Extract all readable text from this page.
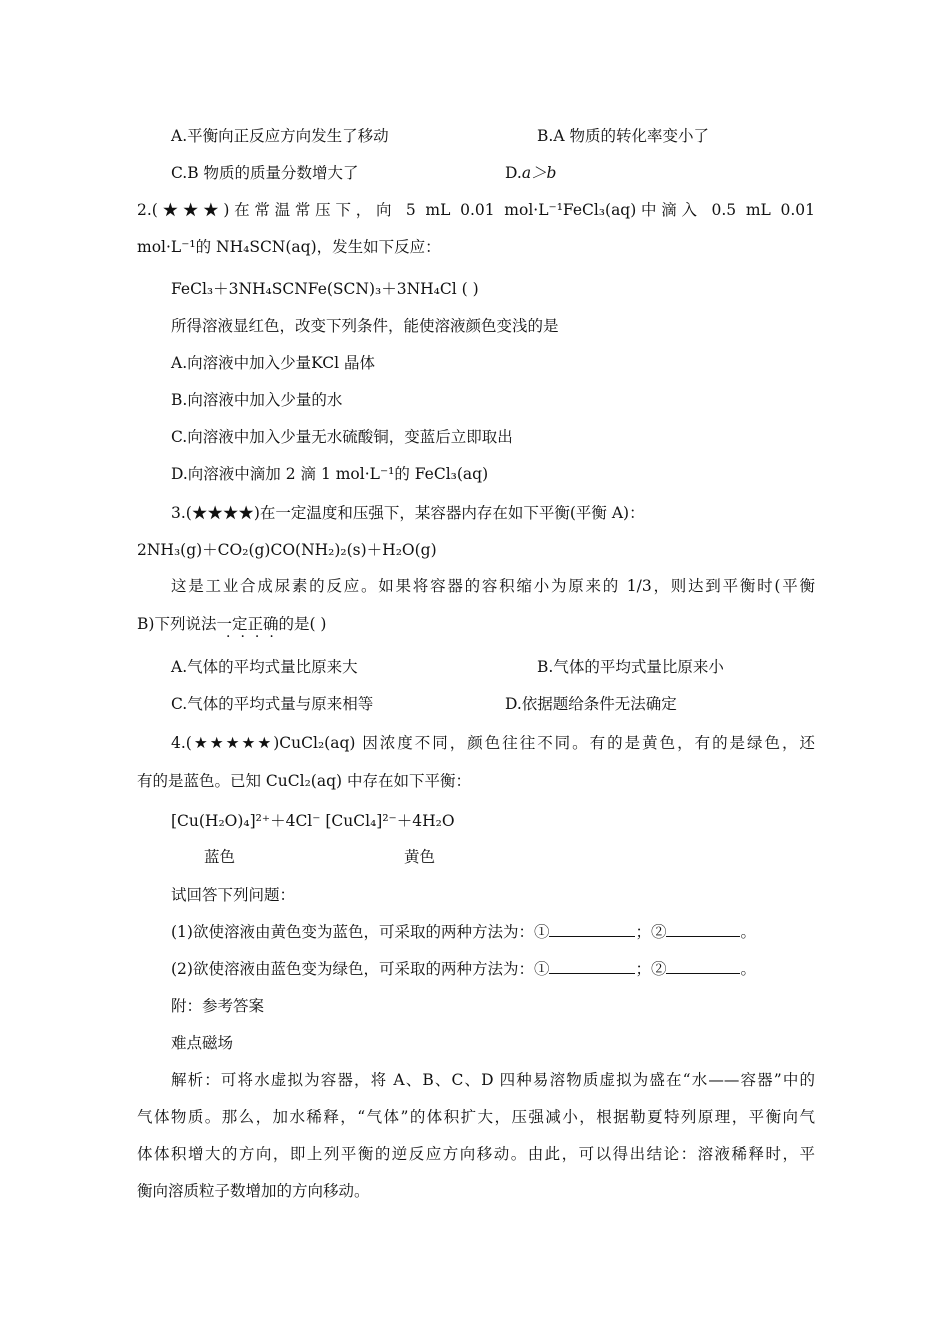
A.平衡向正反应方向发生了移动	B.A 物质的转化率变小了
C.B 物质的质量分数增大了	D.a＞b
2.(★★★)在常温常压下，向 5 mL 0.01 mol·L⁻¹FeCl₃(aq)中滴入 0.5 mL 0.01
mol·L⁻¹的 NH₄SCN(aq)，发生如下反应：
FeCl₃＋3NH₄SCNFe(SCN)₃＋3NH₄Cl ( )
所得溶液显红色，改变下列条件，能使溶液颜色变浅的是
A.向溶液中加入少量KCl 晶体
B.向溶液中加入少量的水
C.向溶液中加入少量无水硫酸铜，变蓝后立即取出
D.向溶液中滴加 2 滴 1 mol·L⁻¹的 FeCl₃(aq)
3.(★★★★)在一定温度和压强下，某容器内存在如下平衡(平衡 A)：
2NH₃(g)＋CO₂(g)CO(NH₂)₂(s)＋H₂O(g)
这是工业合成尿素的反应。如果将容器的容积缩小为原来的 1/3，则达到平衡时(平衡
B)下列说法一定正确的是( )
····
A.气体的平均式量比原来大	B.气体的平均式量比原来小
C.气体的平均式量与原来相等	D.依据题给条件无法确定
4.(★★★★★)CuCl₂(aq) 因浓度不同，颜色往往不同。有的是黄色，有的是绿色，还
有的是蓝色。已知 CuCl₂(aq) 中存在如下平衡：
[Cu(H₂O)₄]²⁺＋4Cl⁻ [CuCl₄]²⁻＋4H₂O
蓝色	黄色
试回答下列问题：
(1)欲使溶液由黄色变为蓝色，可采取的两种方法为：①	；②	。
(2)欲使溶液由蓝色变为绿色，可采取的两种方法为：①	；②	。
附：参考答案
难点磁场
解析：可将水虚拟为容器，将 A、B、C、D 四种易溶物质虚拟为盛在“水——容器”中的
气体物质。那么，加水稀释，“气体”的体积扩大，压强减小，根据勒夏特列原理，平衡向气
体体积增大的方向，即上列平衡的逆反应方向移动。由此，可以得出结论：溶液稀释时，平
衡向溶质粒子数增加的方向移动。
